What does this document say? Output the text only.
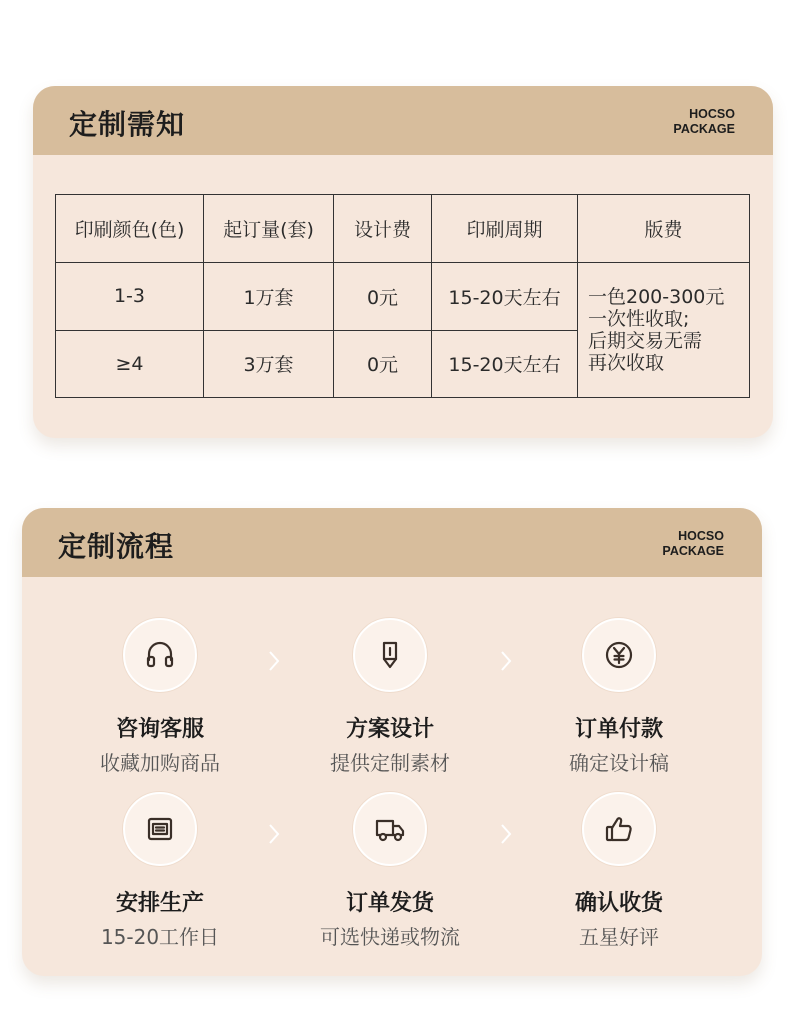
定制需知	HOCSO
PACKAGE
印刷颜色(色)	起订量(套)	设计费	印刷周期	版费
1-3	1万套	0元	15-20天左右	一色200-300元
一次性收取;
后期交易无需
再次收取

≥4	3万套	0元	15-20天左右	
定制流程	HOCSO
PACKAGE
咨询客服
收藏加购商品
方案设计
提供定制素材
订单付款
确定设计稿
安排生产
15-20工作日
订单发货
可选快递或物流
确认收货
五星好评
